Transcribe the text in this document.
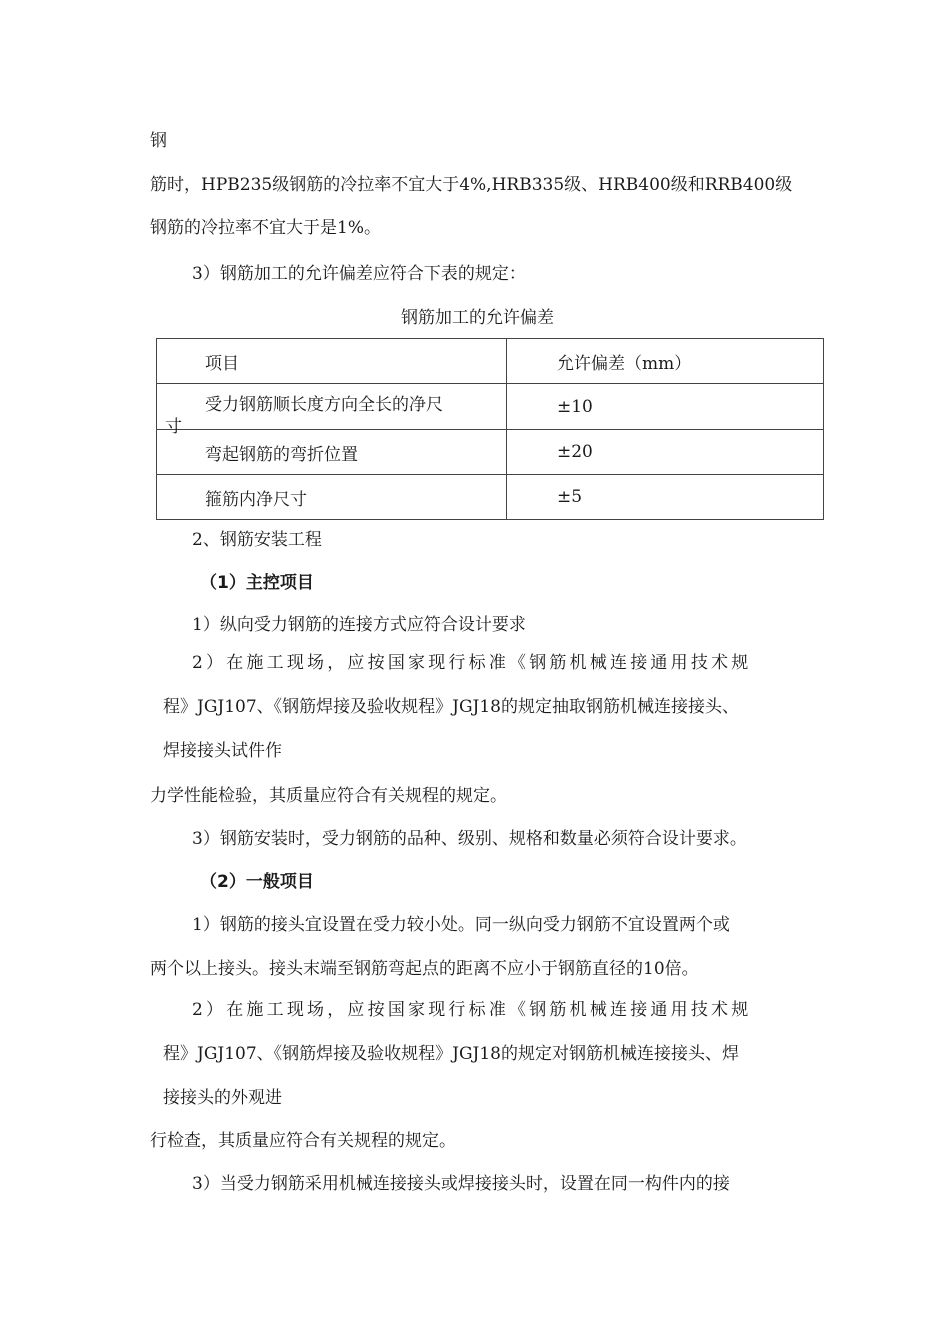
钢
筋时，HPB235级钢筋的冷拉率不宜大于4%,HRB335级、HRB400级和RRB400级
钢筋的冷拉率不宜大于是1%。
3）钢筋加工的允许偏差应符合下表的规定：
钢筋加工的允许偏差
项目	允许偏差（mm）

受力钢筋顺长度方向全长的净尺
寸	±10
弯起钢筋的弯折位置	±20
箍筋内净尺寸	±5
2、钢筋安装工程
（1）主控项目
1）纵向受力钢筋的连接方式应符合设计要求
2）在施工现场，应按国家现行标准《钢筋机械连接通用技术规
程》JGJ107、《钢筋焊接及验收规程》JGJ18的规定抽取钢筋机械连接接头、
焊接接头试件作
力学性能检验，其质量应符合有关规程的规定。
3）钢筋安装时，受力钢筋的品种、级别、规格和数量必须符合设计要求。
（2）一般项目
1）钢筋的接头宜设置在受力较小处。同一纵向受力钢筋不宜设置两个或
两个以上接头。接头末端至钢筋弯起点的距离不应小于钢筋直径的10倍。
2）在施工现场，应按国家现行标准《钢筋机械连接通用技术规
程》JGJ107、《钢筋焊接及验收规程》JGJ18的规定对钢筋机械连接接头、焊
接接头的外观进
行检查，其质量应符合有关规程的规定。
3）当受力钢筋采用机械连接接头或焊接接头时，设置在同一构件内的接
